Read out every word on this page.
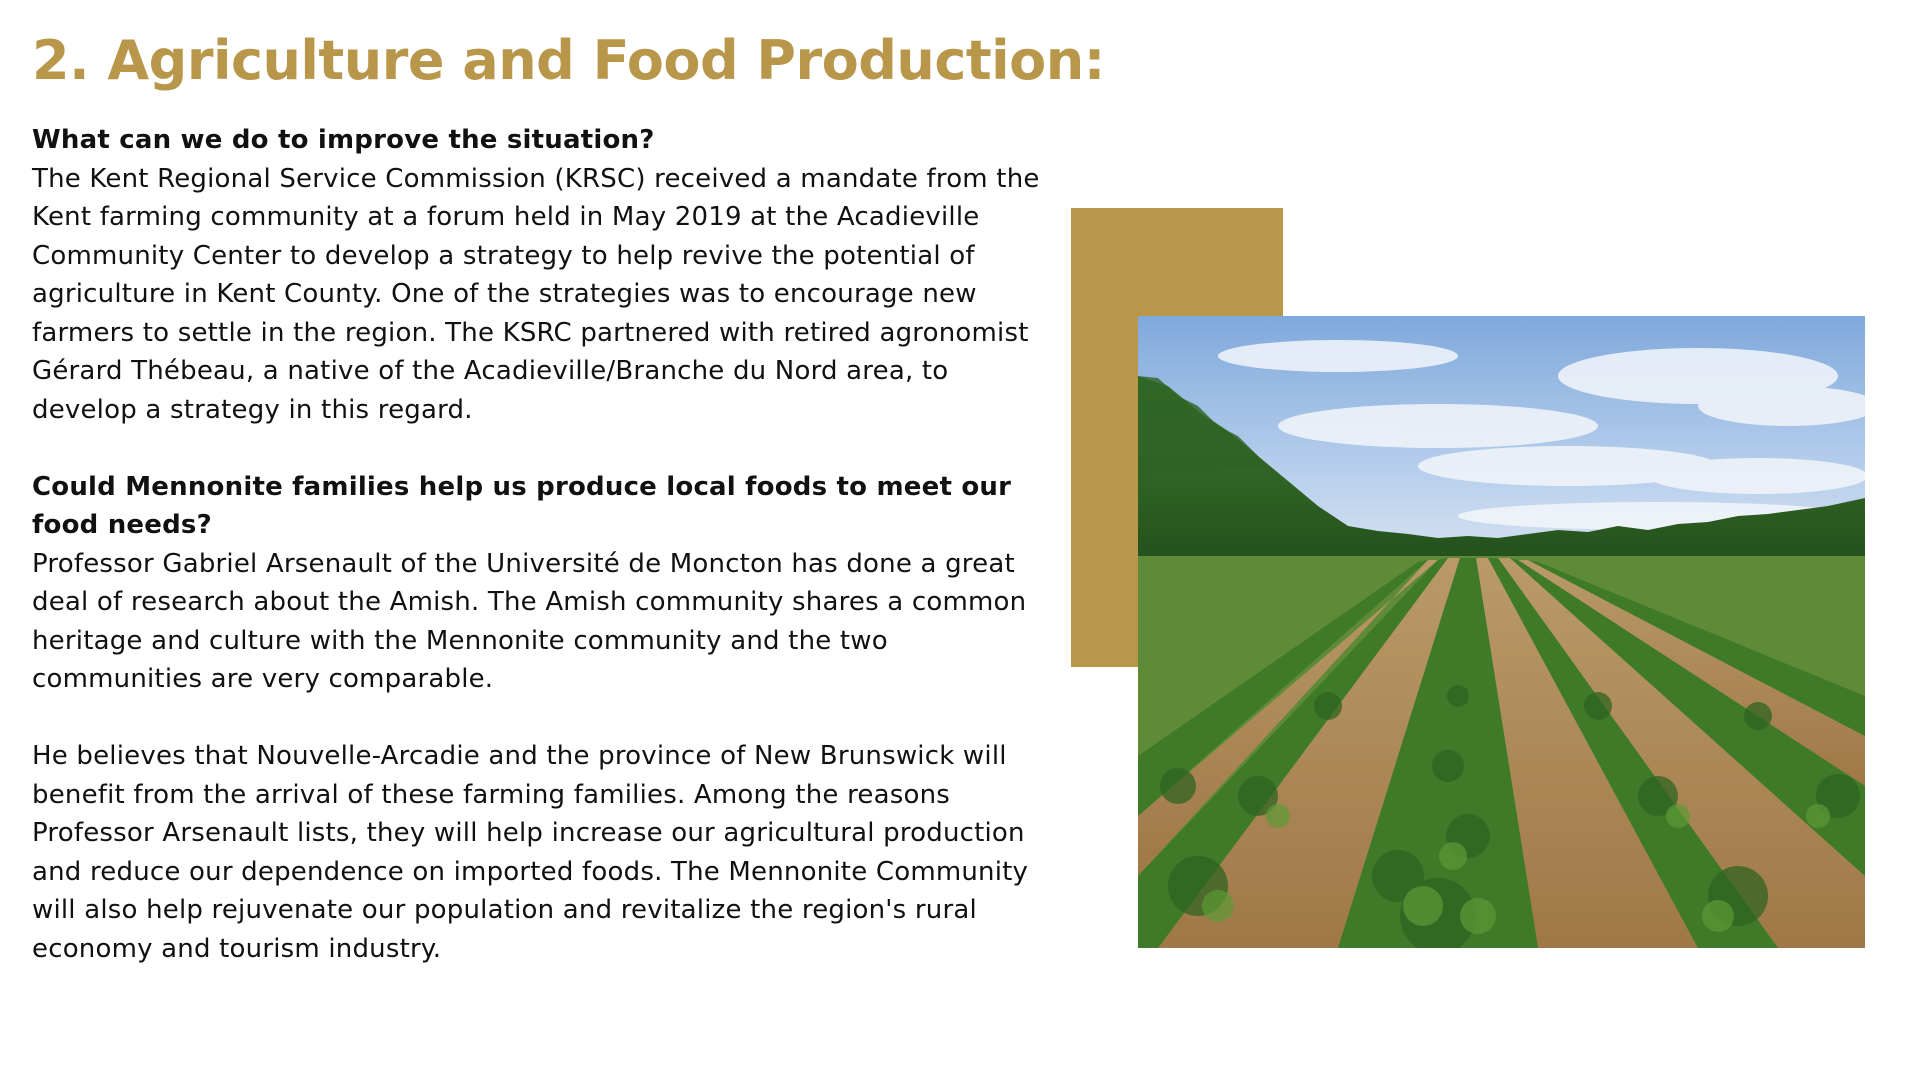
2. Agriculture and Food Production:
What can we do to improve the situation?

The Kent Regional Service Commission (KRSC) received a mandate from the Kent farming community at a forum held in May 2019 at the Acadieville Community Center to develop a strategy to help revive the potential of agriculture in Kent County. One of the strategies was to encourage new farmers to settle in the region. The KSRC partnered with retired agronomist Gérard Thébeau, a native of the Acadieville/Branche du Nord area, to develop a strategy in this regard.

Could Mennonite families help us produce local foods to meet our food needs?

Professor Gabriel Arsenault of the Université de Moncton has done a great deal of research about the Amish. The Amish community shares a common heritage and culture with the Mennonite community and the two communities are very comparable.

He believes that Nouvelle-Arcadie and the province of New Brunswick will benefit from the arrival of these farming families. Among the reasons Professor Arsenault lists, they will help increase our agricultural production and reduce our dependence on imported foods. The Mennonite Community will also help rejuvenate our population and revitalize the region's rural economy and tourism industry.
